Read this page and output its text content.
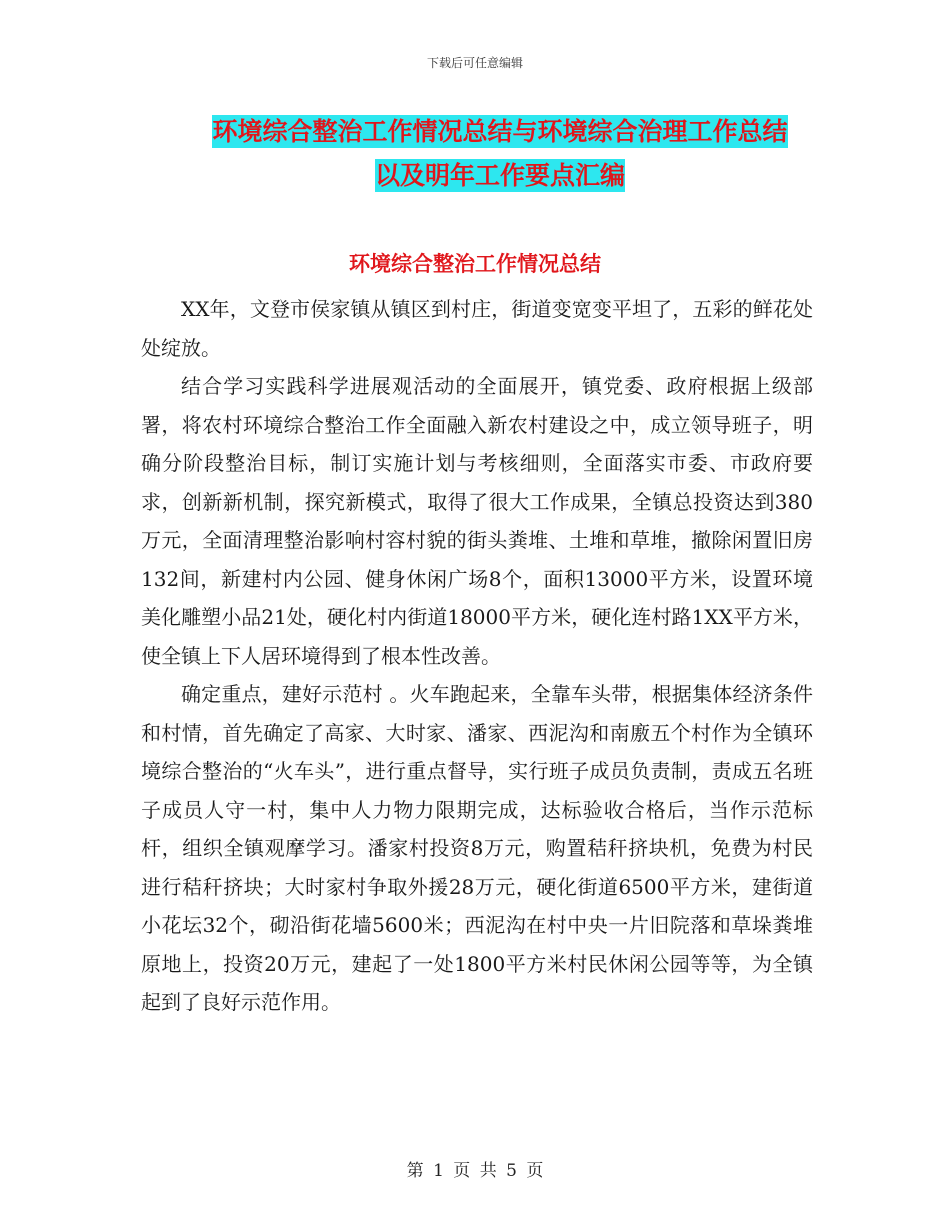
下载后可任意编辑
环境综合整治工作情况总结与环境综合治理工作总结
以及明年工作要点汇编
环境综合整治工作情况总结

XX年，文登市侯家镇从镇区到村庄，街道变宽变平坦了，五彩的鲜花处处绽放。

结合学习实践科学进展观活动的全面展开，镇党委、政府根据上级部署，将农村环境综合整治工作全面融入新农村建设之中，成立领导班子，明确分阶段整治目标，制订实施计划与考核细则，全面落实市委、市政府要求，创新新机制，探究新模式，取得了很大工作成果，全镇总投资达到380万元，全面清理整治影响村容村貌的街头粪堆、土堆和草堆，撤除闲置旧房132间，新建村内公园、健身休闲广场8个，面积13000平方米，设置环境美化雕塑小品21处，硬化村内街道18000平方米，硬化连村路1XX平方米，使全镇上下人居环境得到了根本性改善。

确定重点，建好示范村 。火车跑起来，全靠车头带，根据集体经济条件和村情，首先确定了高家、大时家、潘家、西泥沟和南廒五个村作为全镇环境综合整治的“火车头”，进行重点督导，实行班子成员负责制，责成五名班子成员人守一村，集中人力物力限期完成，达标验收合格后，当作示范标杆，组织全镇观摩学习。潘家村投资8万元，购置秸秆挤块机，免费为村民进行秸秆挤块；大时家村争取外援28万元，硬化街道6500平方米，建街道小花坛32个，砌沿街花墙5600米；西泥沟在村中央一片旧院落和草垛粪堆原地上，投资20万元，建起了一处1800平方米村民休闲公园等等，为全镇起到了良好示范作用。

第 1 页 共 5 页
